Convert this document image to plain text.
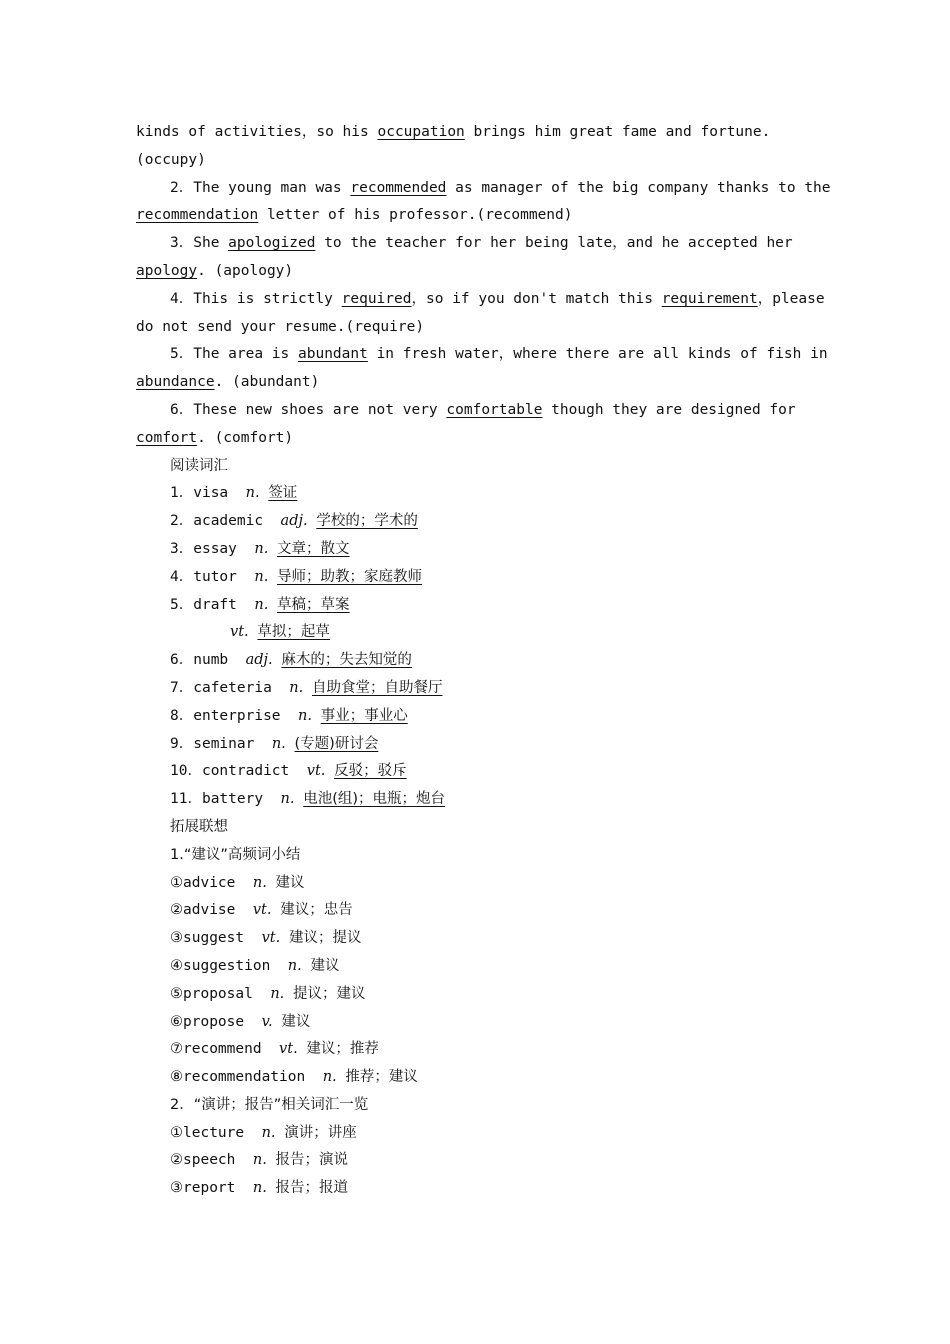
kinds of activities，so his occupation brings him great fame and fortune.
(occupy)
2．The young man was recommended as manager of the big company thanks to the
recommendation letter of his professor.(recommend)
3．She apologized to the teacher for her being late，and he accepted her
apology. (apology)
4．This is strictly required，so if you don't match this requirement，please
do not send your resume.(require)
5．The area is abundant in fresh water，where there are all kinds of fish in
abundance. (abundant)
6．These new shoes are not very comfortable though they are designed for
comfort. (comfort)
阅读词汇
1．visa n. 签证
2．academic adj. 学校的；学术的
3．essay n. 文章；散文
4．tutor n. 导师；助教；家庭教师
5．draft n. 草稿；草案
vt. 草拟；起草
6．numb adj. 麻木的；失去知觉的
7．cafeteria n. 自助食堂；自助餐厅
8．enterprise n. 事业；事业心
9．seminar n. (专题)研讨会
10．contradict vt. 反驳；驳斥
11．battery n. 电池(组)；电瓶；炮台
拓展联想
1.“建议”高频词小结
①advice n. 建议
②advise vt. 建议；忠告
③suggest vt. 建议；提议
④suggestion n. 建议
⑤proposal n. 提议；建议
⑥propose v. 建议
⑦recommend vt. 建议；推荐
⑧recommendation n. 推荐；建议
2．“演讲；报告”相关词汇一览
①lecture n. 演讲；讲座
②speech n. 报告；演说
③report n. 报告；报道
